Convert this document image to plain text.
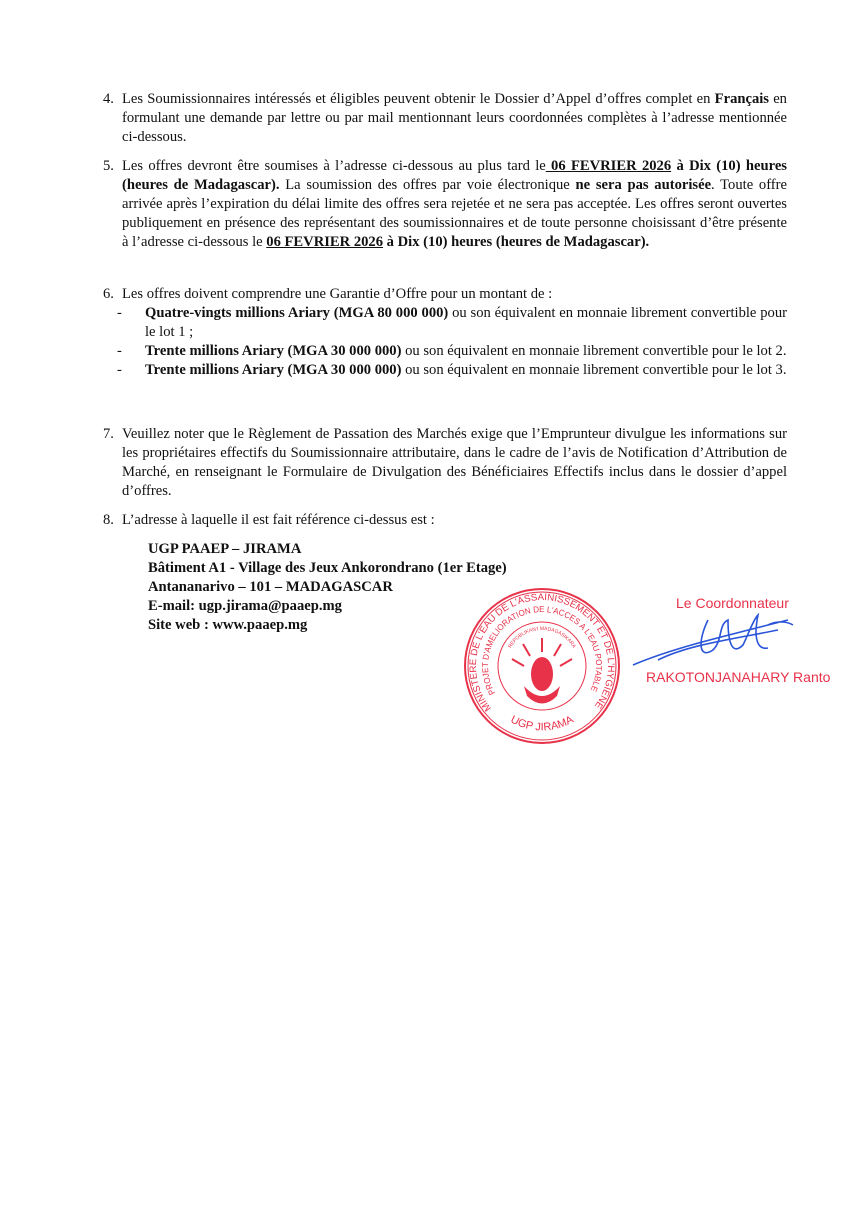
4. Les Soumissionnaires intéressés et éligibles peuvent obtenir le Dossier d’Appel d’offres complet en Français en formulant une demande par lettre ou par mail mentionnant leurs coordonnées complètes à l’adresse mentionnée ci-dessous.
5. Les offres devront être soumises à l’adresse ci-dessous au plus tard le 06 FEVRIER 2026 à Dix (10) heures (heures de Madagascar). La soumission des offres par voie électronique ne sera pas autorisée. Toute offre arrivée après l’expiration du délai limite des offres sera rejetée et ne sera pas acceptée. Les offres seront ouvertes publiquement en présence des représentant des soumissionnaires et de toute personne choisissant d’être présente à l’adresse ci-dessous le 06 FEVRIER 2026 à Dix (10) heures (heures de Madagascar).
6. Les offres doivent comprendre une Garantie d’Offre pour un montant de :
- Quatre-vingts millions Ariary (MGA 80 000 000) ou son équivalent en monnaie librement convertible pour le lot 1 ;
- Trente millions Ariary (MGA 30 000 000) ou son équivalent en monnaie librement convertible pour le lot 2.
- Trente millions Ariary (MGA 30 000 000) ou son équivalent en monnaie librement convertible pour le lot 3.
7. Veuillez noter que le Règlement de Passation des Marchés exige que l’Emprunteur divulgue les informations sur les propriétaires effectifs du Soumissionnaire attributaire, dans le cadre de l’avis de Notification d’Attribution de Marché, en renseignant le Formulaire de Divulgation des Bénéficiaires Effectifs inclus dans le dossier d’appel d’offres.
8. L’adresse à laquelle il est fait référence ci-dessus est :
UGP PAAEP – JIRAMA
Bâtiment A1 - Village des Jeux Ankorondrano (1er Etage)
Antananarivo – 101 – MADAGASCAR
E-mail: ugp.jirama@paaep.mg
Site web : www.paaep.mg
MINISTERE DE L'EAU DE L'ASSAINISSEMENT ET DE L'HYGIENE
PROJET D'AMELIORATION DE L'ACCES A L'EAU POTABLE
REPOBLIKAN'I MADAGASIKARA
UGP JIRAMA
Le Coordonnateur
RAKOTONJANAHARY Ranto
